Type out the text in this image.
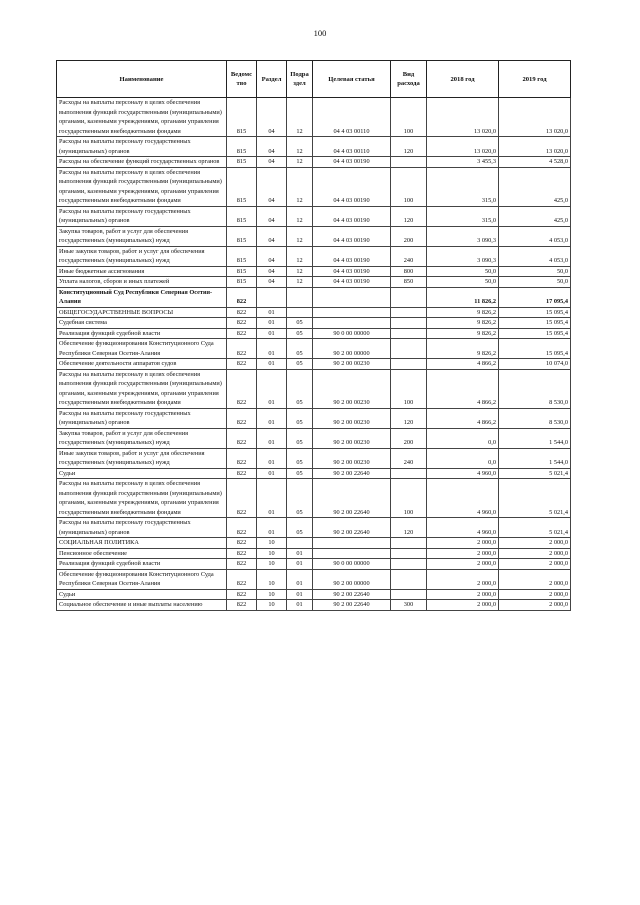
100
Наименование	Ведомс тво	Раздел	Подра здел	Целевая статья	Вид расхода	2018 год	2019 год
Расходы на выплаты персоналу в целях обеспечения выполнения функций государственными (муниципальными) органами, казенными учреждениями, органами управления государственными внебюджетными фондами	815	04	12	04 4 03 00110	100	13 020,0	13 020,0
Расходы на выплаты персоналу государственных (муниципальных) органов	815	04	12	04 4 03 00110	120	13 020,0	13 020,0
Расходы на обеспечение функций государственных органов	815	04	12	04 4 03 00190		3 455,3	4 528,0
Расходы на выплаты персоналу в целях обеспечения выполнения функций государственными (муниципальными) органами, казенными учреждениями, органами управления государственными внебюджетными фондами	815	04	12	04 4 03 00190	100	315,0	425,0
Расходы на выплаты персоналу государственных (муниципальных) органов	815	04	12	04 4 03 00190	120	315,0	425,0
Закупка товаров, работ и услуг для обеспечения государственных (муниципальных) нужд	815	04	12	04 4 03 00190	200	3 090,3	4 053,0
Иные закупки товаров, работ и услуг для обеспечения государственных (муниципальных) нужд	815	04	12	04 4 03 00190	240	3 090,3	4 053,0
Иные бюджетные ассигнования	815	04	12	04 4 03 00190	800	50,0	50,0
Уплата налогов, сборов и иных платежей	815	04	12	04 4 03 00190	850	50,0	50,0
Конституционный Суд Республики Северная Осетия-Алания	822					11 826,2	17 095,4
ОБЩЕГОСУДАРСТВЕННЫЕ ВОПРОСЫ	822	01				9 826,2	15 095,4
Судебная система	822	01	05			9 826,2	15 095,4
Реализация функций судебной власти	822	01	05	90 0 00 00000		9 826,2	15 095,4
Обеспечение функционирования Конституционного Суда Республики Северная Осетия-Алания	822	01	05	90 2 00 00000		9 826,2	15 095,4
Обеспечение деятельности аппаратов судов	822	01	05	90 2 00 00230		4 866,2	10 074,0
Расходы на выплаты персоналу в целях обеспечения выполнения функций государственными (муниципальными) органами, казенными учреждениями, органами управления государственными внебюджетными фондами	822	01	05	90 2 00 00230	100	4 866,2	8 530,0
Расходы на выплаты персоналу государственных (муниципальных) органов	822	01	05	90 2 00 00230	120	4 866,2	8 530,0
Закупка товаров, работ и услуг для обеспечения государственных (муниципальных) нужд	822	01	05	90 2 00 00230	200	0,0	1 544,0
Иные закупки товаров, работ и услуг для обеспечения государственных (муниципальных) нужд	822	01	05	90 2 00 00230	240	0,0	1 544,0
Судьи	822	01	05	90 2 00 22640		4 960,0	5 021,4
Расходы на выплаты персоналу в целях обеспечения выполнения функций государственными (муниципальными) органами, казенными учреждениями, органами управления государственными внебюджетными фондами	822	01	05	90 2 00 22640	100	4 960,0	5 021,4
Расходы на выплаты персоналу государственных (муниципальных) органов	822	01	05	90 2 00 22640	120	4 960,0	5 021,4
СОЦИАЛЬНАЯ ПОЛИТИКА	822	10				2 000,0	2 000,0
Пенсионное обеспечение	822	10	01			2 000,0	2 000,0
Реализация функций судебной власти	822	10	01	90 0 00 00000		2 000,0	2 000,0
Обеспечение функционирования Конституционного Суда Республики Северная Осетия-Алания	822	10	01	90 2 00 00000		2 000,0	2 000,0
Судьи	822	10	01	90 2 00 22640		2 000,0	2 000,0
Социальное обеспечение и иные выплаты населению	822	10	01	90 2 00 22640	300	2 000,0	2 000,0
